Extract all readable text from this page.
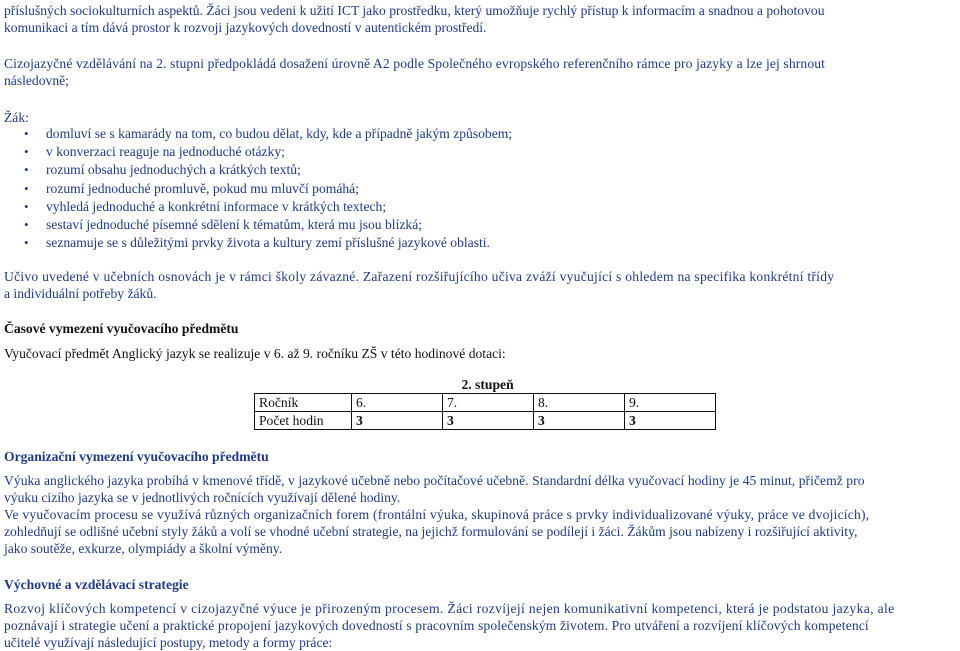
příslušných sociokulturních aspektů. Žáci jsou vedeni k užití ICT jako prostředku, který umožňuje rychlý přístup k informacím a snadnou a pohotovou
komunikaci a tím dává prostor k rozvoji jazykových dovedností v autentickém prostředí.

Cizojazyčné vzdělávání na 2. stupni předpokládá dosažení úrovně A2 podle Společného evropského referenčního rámce pro jazyky a lze jej shrnout
následovně;

Žák:
• domluví se s kamarády na tom, co budou dělat, kdy, kde a případně jakým způsobem;
• v konverzaci reaguje na jednoduché otázky;
• rozumí obsahu jednoduchých a krátkých textů;
• rozumí jednoduché promluvě, pokud mu mluvčí pomáhá;
• vyhledá jednoduché a konkrétní informace v krátkých textech;
• sestaví jednoduché písemné sdělení k tématům, která mu jsou blízká;
• seznamuje se s důležitými prvky života a kultury zemí příslušné jazykové oblasti.

Učivo uvedené v učebních osnovách je v rámci školy závazné. Zařazení rozšiřujícího učiva zváží vyučující s ohledem na specifika konkrétní třídy
a individuální potřeby žáků.

Časové vymezení vyučovacího předmětu
Vyučovací předmět Anglický jazyk se realizuje v 6. až 9. ročníku ZŠ v této hodinové dotaci:
	2. stupeň			
Ročník	6.	7.	8.	9.
Počet hodin	3	3	3	3
Organizační vymezení vyučovacího předmětu

Výuka anglického jazyka probíhá v kmenové třídě, v jazykové učebně nebo počítačové učebně. Standardní délka vyučovací hodiny je 45 minut, přičemž pro
výuku cizího jazyka se v jednotlivých ročnících využívají dělené hodiny.
Ve vyučovacím procesu se využívá různých organizačních forem (frontální výuka, skupinová práce s prvky individualizované výuky, práce ve dvojicích),
zohledňují se odlišné učební styly žáků a volí se vhodné učební strategie, na jejichž formulování se podílejí i žáci. Žákům jsou nabízeny i rozšiřující aktivity,
jako soutěže, exkurze, olympiády a školní výměny.

Výchovné a vzdělávací strategie

Rozvoj klíčových kompetencí v cizojazyčné výuce je přirozeným procesem. Žáci rozvíjejí nejen komunikativní kompetenci, která je podstatou jazyka, ale
poznávají i strategie učení a praktické propojení jazykových dovedností s pracovním společenským životem. Pro utváření a rozvíjení klíčových kompetencí
učitelé využívají následující postupy, metody a formy práce:
